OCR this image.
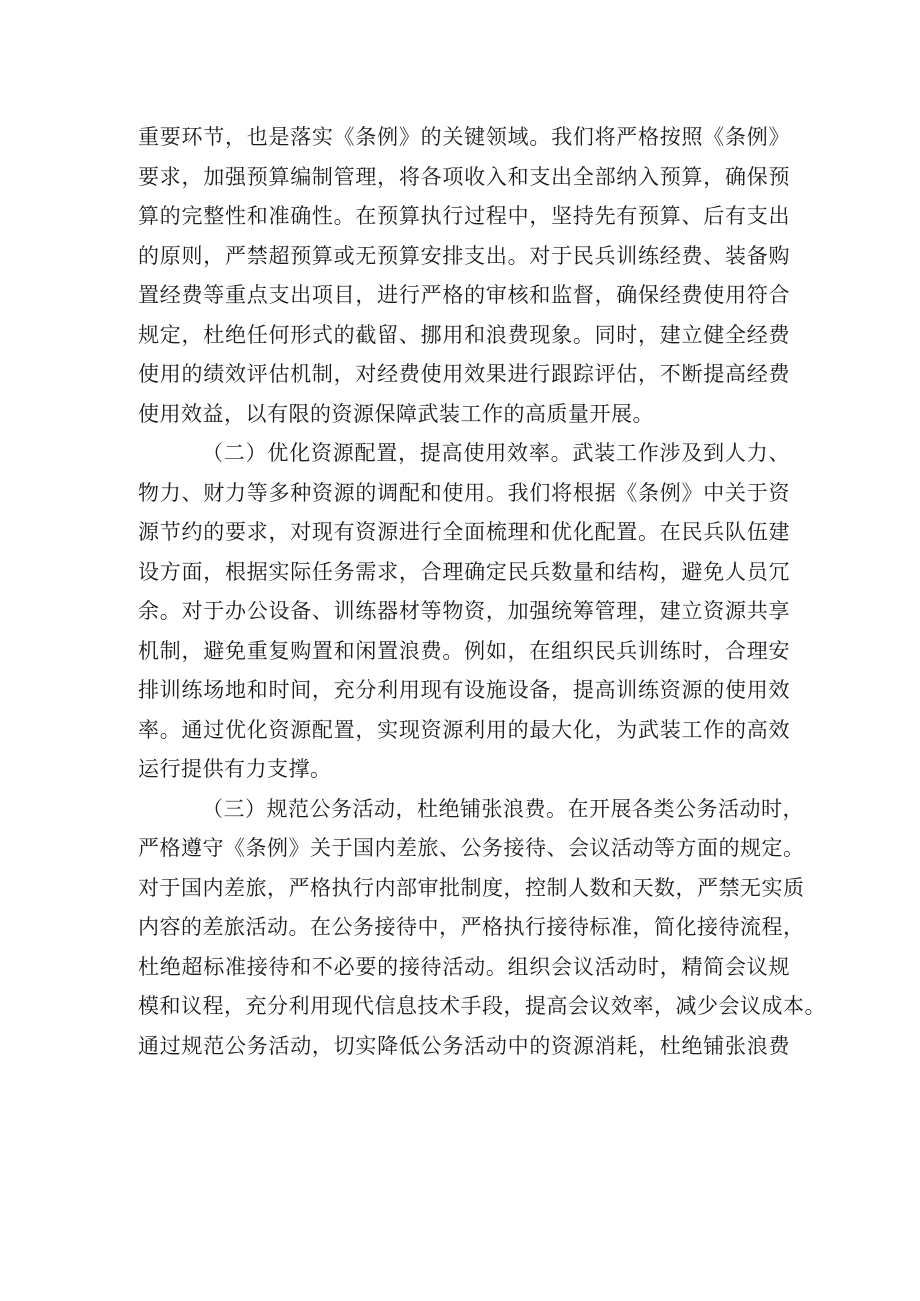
重要环节，也是落实《条例》的关键领域。我们将严格按照《条例》
要求，加强预算编制管理，将各项收入和支出全部纳入预算，确保预
算的完整性和准确性。在预算执行过程中，坚持先有预算、后有支出
的原则，严禁超预算或无预算安排支出。对于民兵训练经费、装备购
置经费等重点支出项目，进行严格的审核和监督，确保经费使用符合
规定，杜绝任何形式的截留、挪用和浪费现象。同时，建立健全经费
使用的绩效评估机制，对经费使用效果进行跟踪评估，不断提高经费
使用效益，以有限的资源保障武装工作的高质量开展。

（二）优化资源配置，提高使用效率。武装工作涉及到人力、
物力、财力等多种资源的调配和使用。我们将根据《条例》中关于资
源节约的要求，对现有资源进行全面梳理和优化配置。在民兵队伍建
设方面，根据实际任务需求，合理确定民兵数量和结构，避免人员冗
余。对于办公设备、训练器材等物资，加强统筹管理，建立资源共享
机制，避免重复购置和闲置浪费。例如，在组织民兵训练时，合理安
排训练场地和时间，充分利用现有设施设备，提高训练资源的使用效
率。通过优化资源配置，实现资源利用的最大化，为武装工作的高效
运行提供有力支撑。

（三）规范公务活动，杜绝铺张浪费。在开展各类公务活动时，
严格遵守《条例》关于国内差旅、公务接待、会议活动等方面的规定。
对于国内差旅，严格执行内部审批制度，控制人数和天数，严禁无实质
内容的差旅活动。在公务接待中，严格执行接待标准，简化接待流程，
杜绝超标准接待和不必要的接待活动。组织会议活动时，精简会议规
模和议程，充分利用现代信息技术手段，提高会议效率，减少会议成本。
通过规范公务活动，切实降低公务活动中的资源消耗，杜绝铺张浪费
